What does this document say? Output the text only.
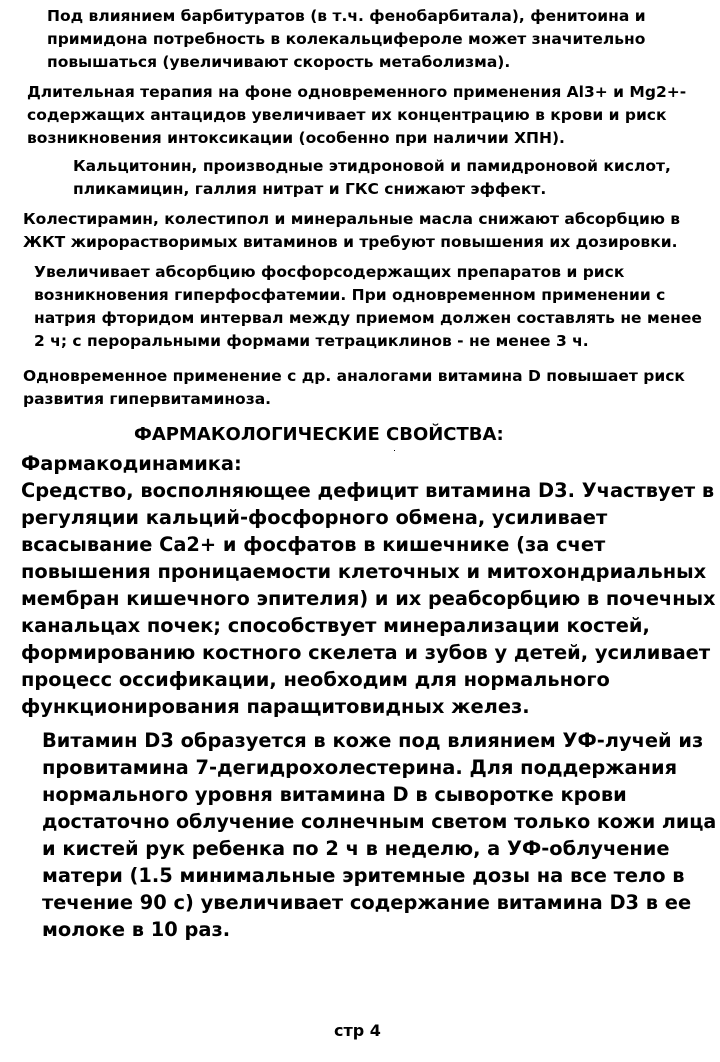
Под влиянием барбитуратов (в т.ч. фенобарбитала), фенитоина и
примидона потребность в колекальцифероле может значительно
повышаться (увеличивают скорость метаболизма).
Длительная терапия на фоне одновременного применения Al3+ и Mg2+-
содержащих антацидов увеличивает их концентрацию в крови и риск
возникновения интоксикации (особенно при наличии ХПН).
Кальцитонин, производные этидроновой и памидроновой кислот,
пликамицин, галлия нитрат и ГКС снижают эффект.
Колестирамин, колестипол и минеральные масла снижают абсорбцию в
ЖКТ жирорастворимых витаминов и требуют повышения их дозировки.
Увеличивает абсорбцию фосфорсодержащих препаратов и риск
возникновения гиперфосфатемии. При одновременном применении с
натрия фторидом интервал между приемом должен составлять не менее
2 ч; с пероральными формами тетрациклинов - не менее 3 ч.
Одновременное применение с др. аналогами витамина D повышает риск
развития гипервитаминоза.
ФАРМАКОЛОГИЧЕСКИЕ СВОЙСТВА:
Фармакодинамика:
Средство, восполняющее дефицит витамина D3. Участвует в
регуляции кальций-фосфорного обмена, усиливает
всасывание Са2+ и фосфатов в кишечнике (за счет
повышения проницаемости клеточных и митохондриальных
мембран кишечного эпителия) и их реабсорбцию в почечных
канальцах почек; способствует минерализации костей,
формированию костного скелета и зубов у детей, усиливает
процесс оссификации, необходим для нормального
функционирования паращитовидных желез.
Витамин D3 образуется в коже под влиянием УФ-лучей из
провитамина 7-дегидрохолестерина. Для поддержания
нормального уровня витамина D в сыворотке крови
достаточно облучение солнечным светом только кожи лица
и кистей рук ребенка по 2 ч в неделю, а УФ-облучение
матери (1.5 минимальные эритемные дозы на все тело в
течение 90 с) увеличивает содержание витамина D3 в ее
молоке в 10 раз.
стр 4
